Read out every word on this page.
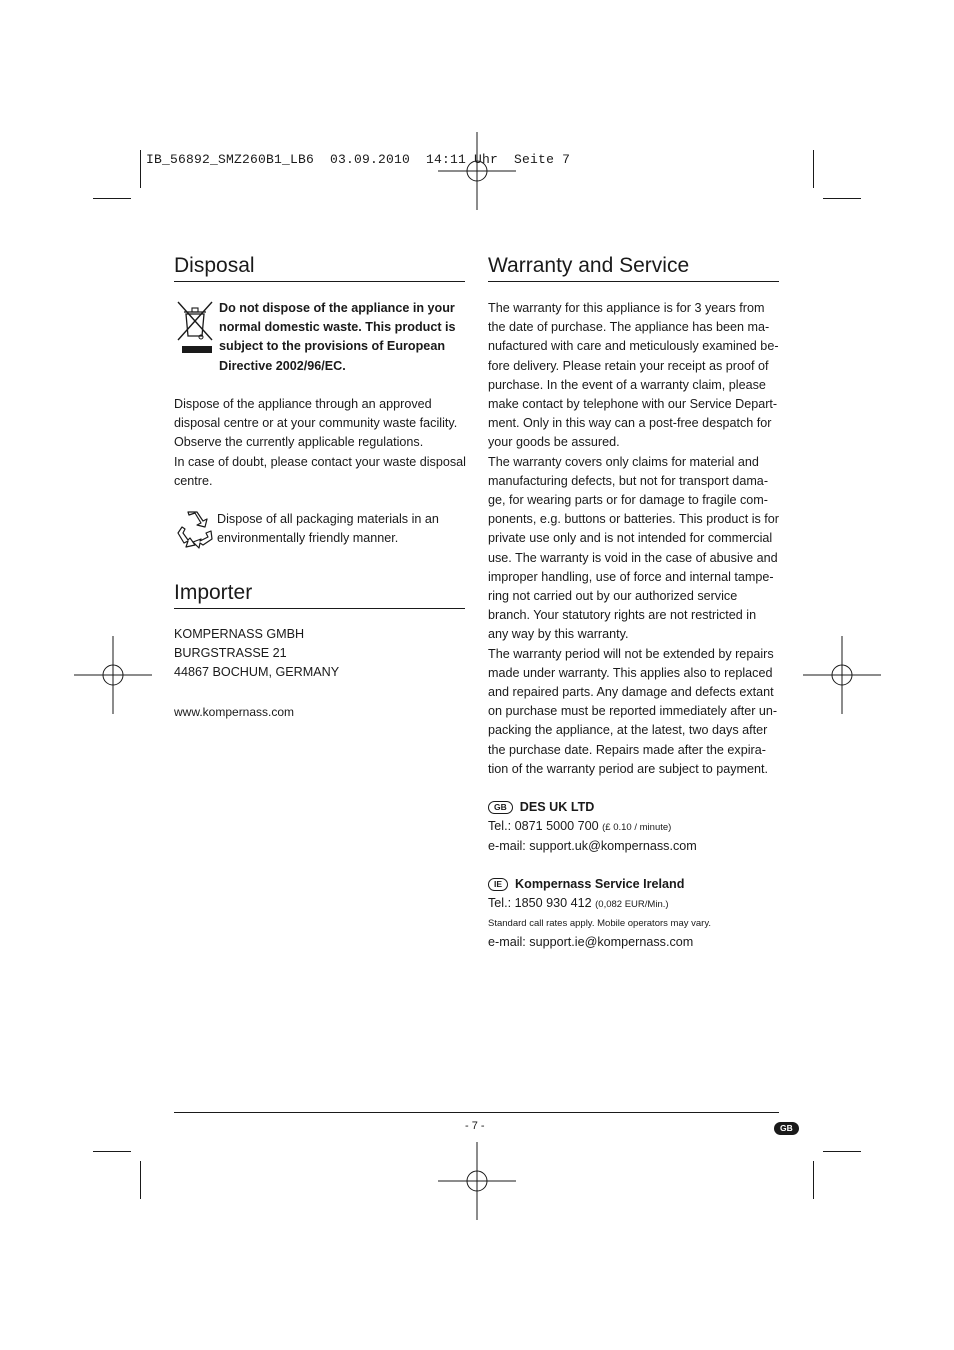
IB_56892_SMZ260B1_LB6  03.09.2010  14:11 Uhr  Seite 7
Disposal

Do not dispose of the appliance in your
normal domestic waste. This product is
subject to the provisions of European
Directive 2002/96/EC.

Dispose of the appliance through an approved
disposal centre or at your community waste facility.
Observe the currently applicable regulations.
In case of doubt, please contact your waste disposal
centre.

Dispose of all packaging materials in an
environmentally friendly manner.

Importer

KOMPERNASS GMBH
BURGSTRASSE 21
44867 BOCHUM, GERMANY

www.kompernass.com

Warranty and Service

The warranty for this appliance is for 3 years from
the date of purchase. The appliance has been ma-
nufactured with care and meticulously examined be-
fore delivery. Please retain your receipt as proof of
purchase. In the event of a warranty claim, please
make contact by telephone with our Service Depart-
ment. Only in this way can a post-free despatch for
your goods be assured.
The warranty covers only claims for material and
manufacturing defects, but not for transport dama-
ge, for wearing parts or for damage to fragile com-
ponents, e.g. buttons or batteries. This product is for
private use only and is not intended for commercial
use. The warranty is void in the case of abusive and
improper handling, use of force and internal tampe-
ring not carried out by our authorized service
branch. Your statutory rights are not restricted in
any way by this warranty.
The warranty period will not be extended by repairs
made under warranty. This applies also to replaced
and repaired parts. Any damage and defects extant
on purchase must be reported immediately after un-
packing the appliance, at the latest, two days after
the purchase date. Repairs made after the expira-
tion of the warranty period are subject to payment.

GB DES UK LTD
Tel.: 0871 5000 700 (£ 0.10 / minute)
e-mail: support.uk@kompernass.com

IE Kompernass Service Ireland
Tel.: 1850 930 412 (0,082 EUR/Min.)
Standard call rates apply. Mobile operators may vary.
e-mail: support.ie@kompernass.com

- 7 -	GB
